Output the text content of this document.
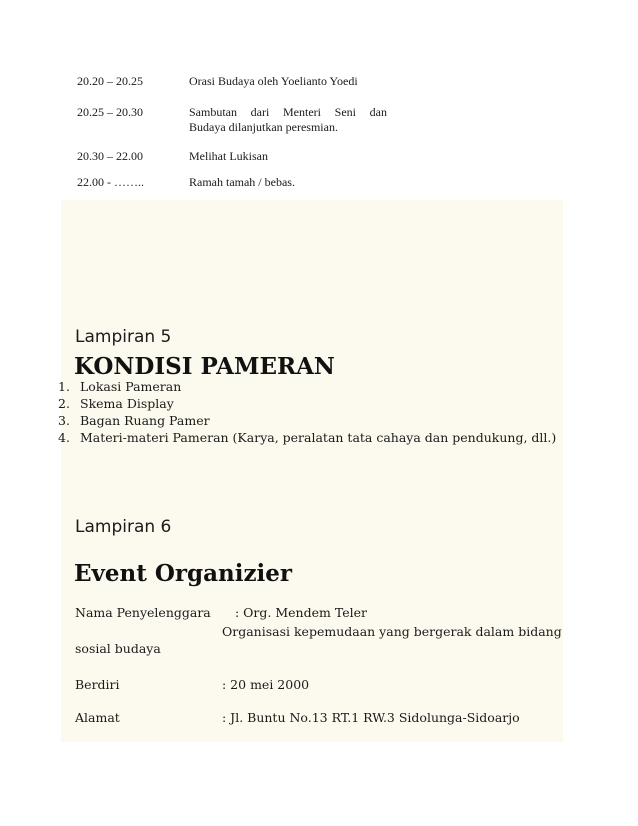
20.20 – 20.25	Orasi Budaya oleh Yoelianto Yoedi
20.25 – 20.30	Sambutan dari Menteri Seni dan
Budaya dilanjutkan peresmian.
20.30 – 22.00	Melihat Lukisan
22.00 - ……..	Ramah tamah / bebas.
Lampiran 5
KONDISI PAMERAN
Lampiran 6
Event Organizier
1. Lokasi Pameran
2. Skema Display
3. Bagan Ruang Pamer
4. Materi-materi Pameran (Karya, peralatan tata cahaya dan pendukung, dll.)
Nama Penyelenggara : Org. Mendem Teler
Organisasi kepemudaan yang bergerak dalam bidang
sosial budaya
Berdiri	: 20 mei 2000
Alamat	: Jl. Buntu No.13 RT.1 RW.3 Sidolunga-Sidoarjo
